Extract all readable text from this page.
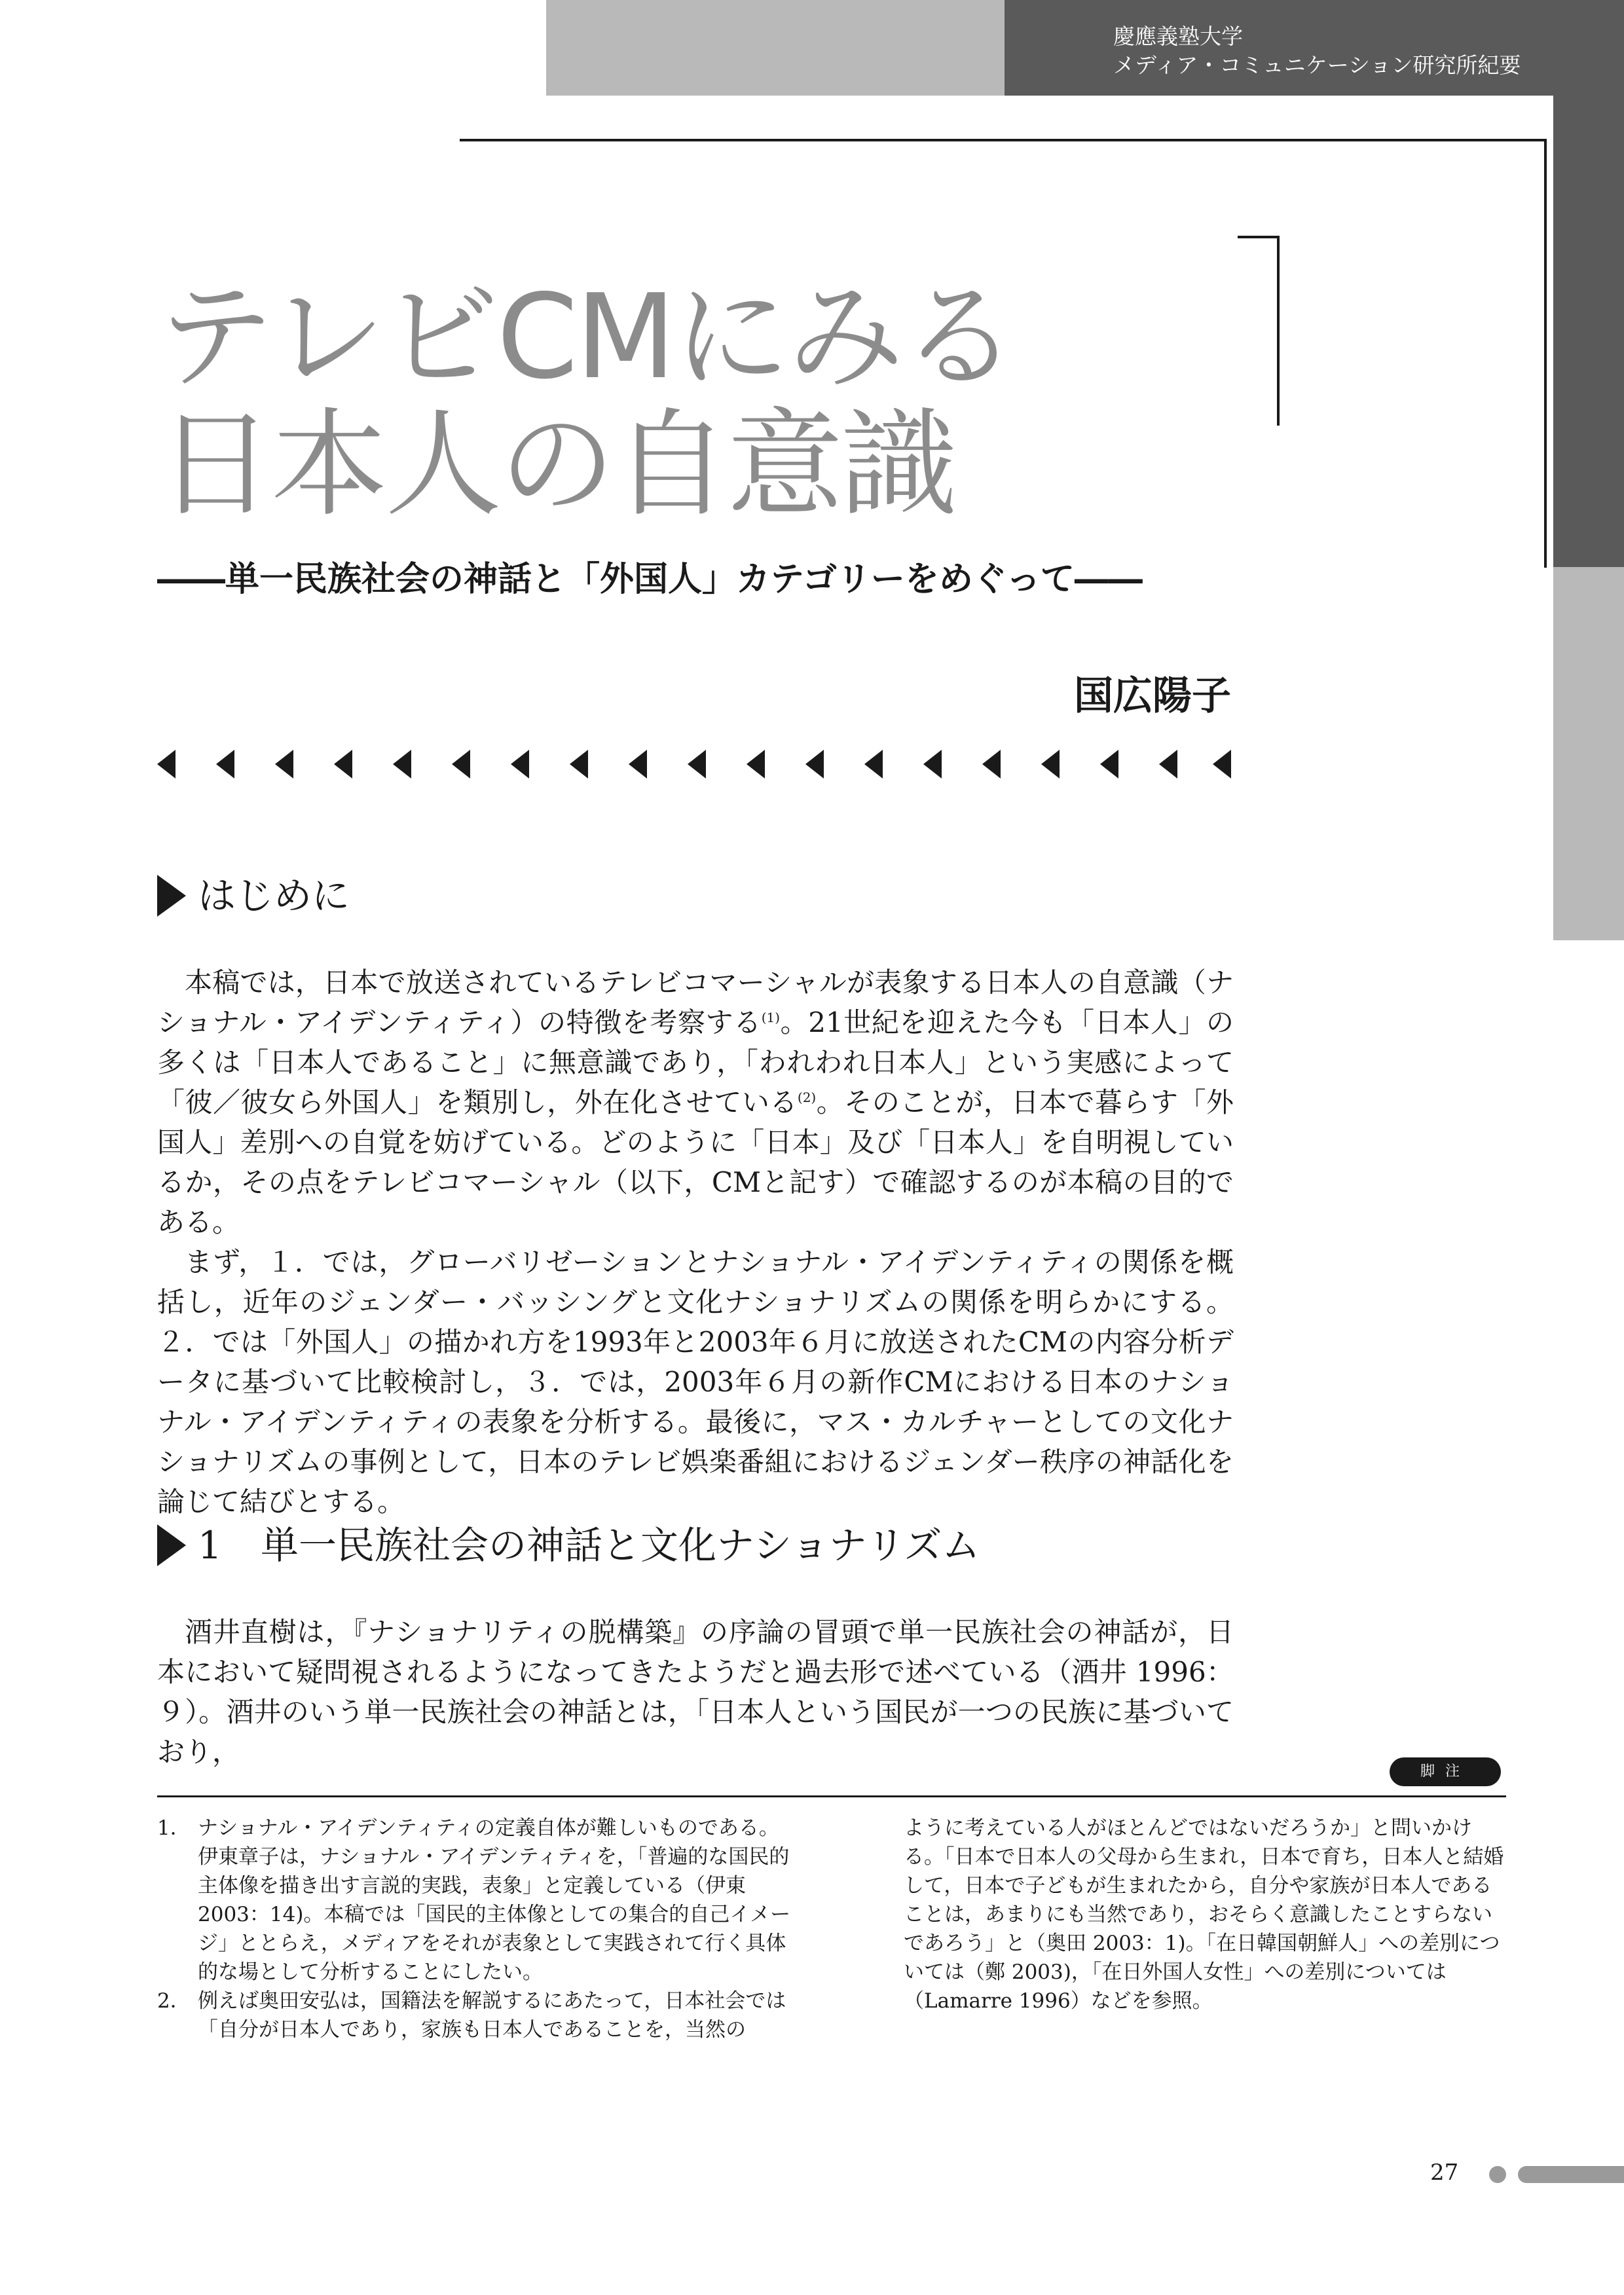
慶應義塾大学
メディア・コミュニケーション研究所紀要
テレビCMにみる
日本人の自意識
――単一民族社会の神話と「外国人」カテゴリーをめぐって――
国広陽子
はじめに

本稿では，日本で放送されているテレビコマーシャルが表象する日本人の自意識（ナショナル・アイデンティティ）の特徴を考察する$^{(1)}$。21世紀を迎えた今も「日本人」の多くは「日本人であること」に無意識であり，「われわれ日本人」という実感によって「彼／彼女ら外国人」を類別し，外在化させている$^{(2)}$。そのことが，日本で暮らす「外国人」差別への自覚を妨げている。どのように「日本」及び「日本人」を自明視しているか，その点をテレビコマーシャル（以下，CMと記す）で確認するのが本稿の目的である。

まず，１．では，グローバリゼーションとナショナル・アイデンティティの関係を概括し，近年のジェンダー・バッシングと文化ナショナリズムの関係を明らかにする。２．では「外国人」の描かれ方を1993年と2003年６月に放送されたCMの内容分析データに基づいて比較検討し，３．では，2003年６月の新作CMにおける日本のナショナル・アイデンティティの表象を分析する。最後に，マス・カルチャーとしての文化ナショナリズムの事例として，日本のテレビ娯楽番組におけるジェンダー秩序の神話化を論じて結びとする。

1 単一民族社会の神話と文化ナショナリズム

酒井直樹は，『ナショナリティの脱構築』の序論の冒頭で単一民族社会の神話が，日本において疑問視されるようになってきたようだと過去形で述べている（酒井 1996：９）。酒井のいう単一民族社会の神話とは，「日本人という国民が一つの民族に基づいており，

脚注
1． ナショナル・アイデンティティの定義自体が難しいものである。伊東章子は，ナショナル・アイデンティティを，「普遍的な国民的主体像を描き出す言説的実践，表象」と定義している（伊東 2003：14)。本稿では「国民的主体像としての集合的自己イメージ」ととらえ，メディアをそれが表象として実践されて行く具体的な場として分析することにしたい。
2． 例えば奥田安弘は，国籍法を解説するにあたって，日本社会では「自分が日本人であり，家族も日本人であることを，当然の

ように考えている人がほとんどではないだろうか」と問いかける。「日本で日本人の父母から生まれ，日本で育ち，日本人と結婚して，日本で子どもが生まれたから，自分や家族が日本人であることは，あまりにも当然であり，おそらく意識したことすらないであろう」と（奥田 2003：1)。「在日韓国朝鮮人」への差別については（鄭 2003)，「在日外国人女性」への差別については（Lamarre 1996）などを参照。

27
